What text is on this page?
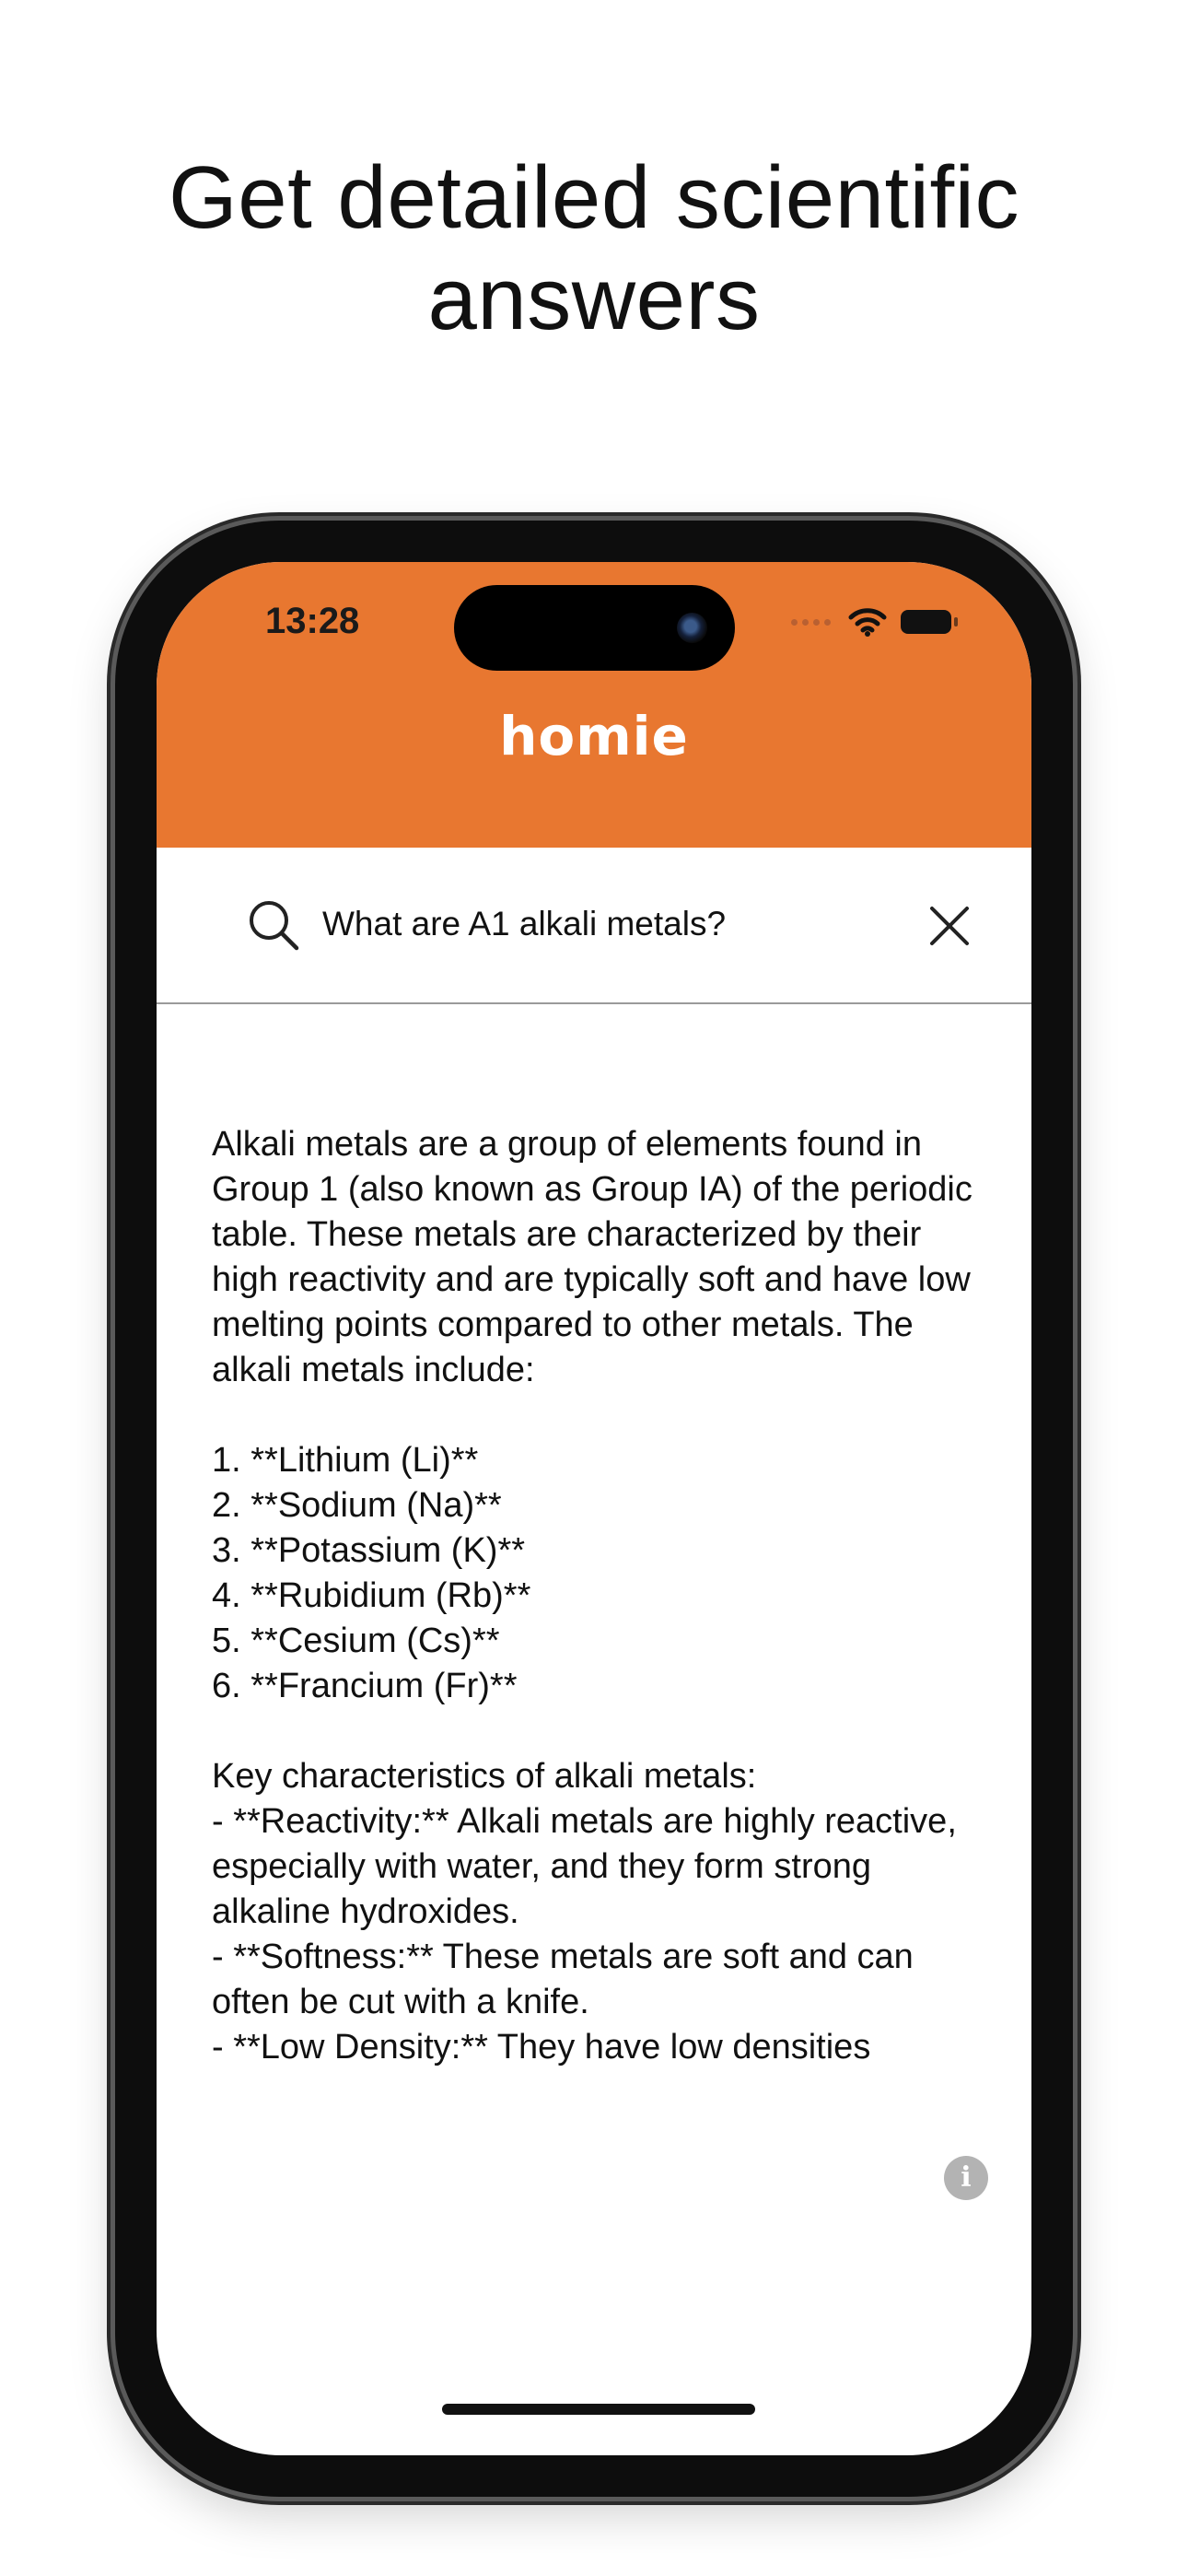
Get detailed scientific
answers
13:28
homie
What are A1 alkali metals?
Alkali metals are a group of elements found in Group 1 (also known as Group IA) of the periodic table. These metals are characterized by their high reactivity and are typically soft and have low melting points compared to other metals. The alkali metals include:

1. **Lithium (Li)**
2. **Sodium (Na)**
3. **Potassium (K)**
4. **Rubidium (Rb)**
5. **Cesium (Cs)**
6. **Francium (Fr)**

Key characteristics of alkali metals:
- **Reactivity:** Alkali metals are highly reactive, especially with water, and they form strong alkaline hydroxides.
- **Softness:** These metals are soft and can often be cut with a knife.
- **Low Density:** They have low densities
i
